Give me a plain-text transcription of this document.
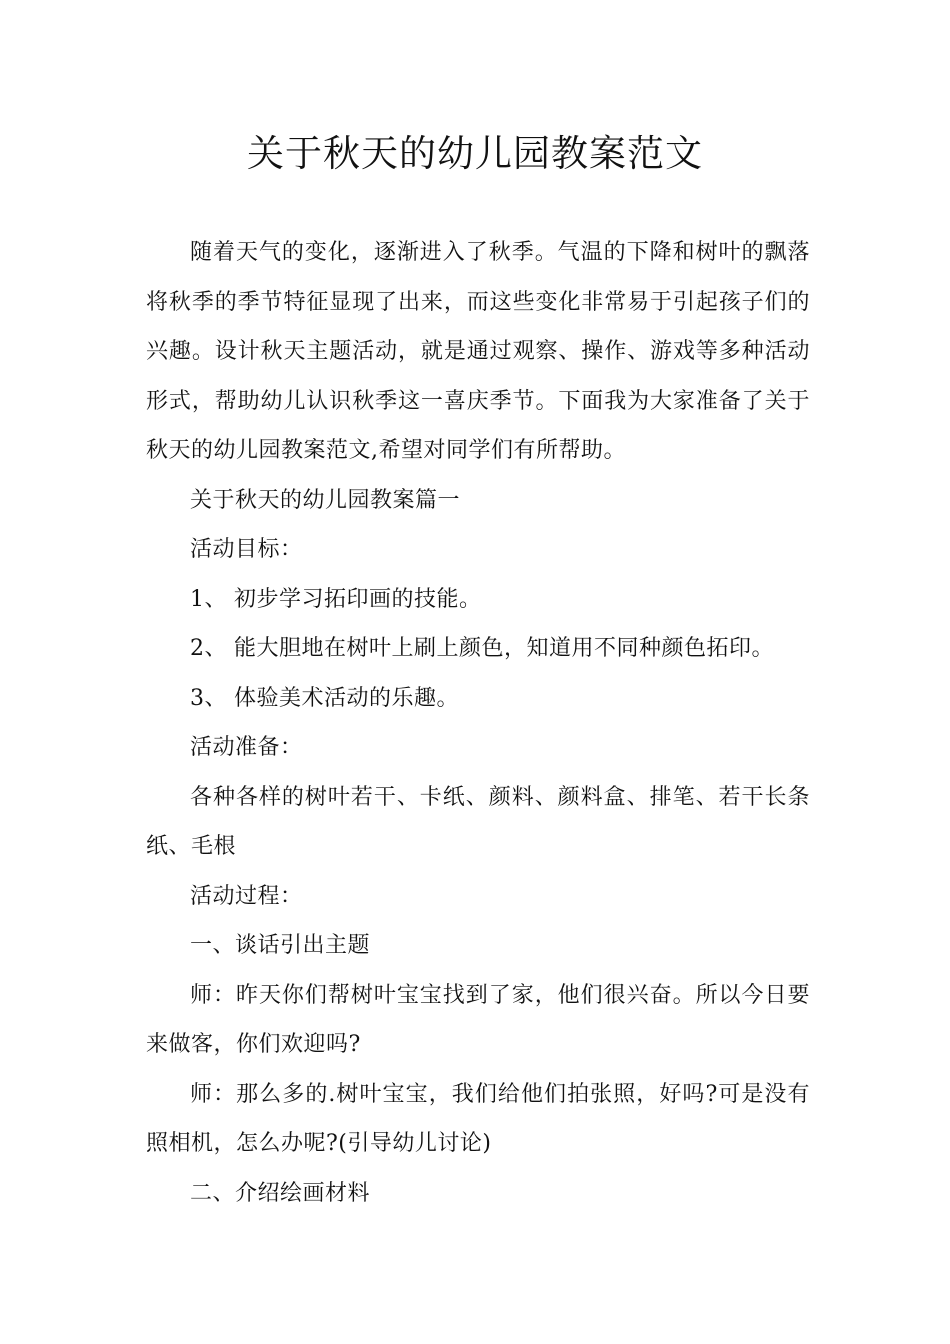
关于秋天的幼儿园教案范文

随着天气的变化，逐渐进入了秋季。气温的下降和树叶的飘落将秋季的季节特征显现了出来，而这些变化非常易于引起孩子们的兴趣。设计秋天主题活动，就是通过观察、操作、游戏等多种活动形式，帮助幼儿认识秋季这一喜庆季节。下面我为大家准备了关于秋天的幼儿园教案范文,希望对同学们有所帮助。

关于秋天的幼儿园教案篇一

活动目标：

1、 初步学习拓印画的技能。

2、 能大胆地在树叶上刷上颜色，知道用不同种颜色拓印。

3、 体验美术活动的乐趣。

活动准备：

各种各样的树叶若干、卡纸、颜料、颜料盒、排笔、若干长条纸、毛根

活动过程：

一、谈话引出主题

师：昨天你们帮树叶宝宝找到了家，他们很兴奋。所以今日要来做客，你们欢迎吗?

师：那么多的.树叶宝宝，我们给他们拍张照，好吗?可是没有照相机，怎么办呢?(引导幼儿讨论)

二、介绍绘画材料
